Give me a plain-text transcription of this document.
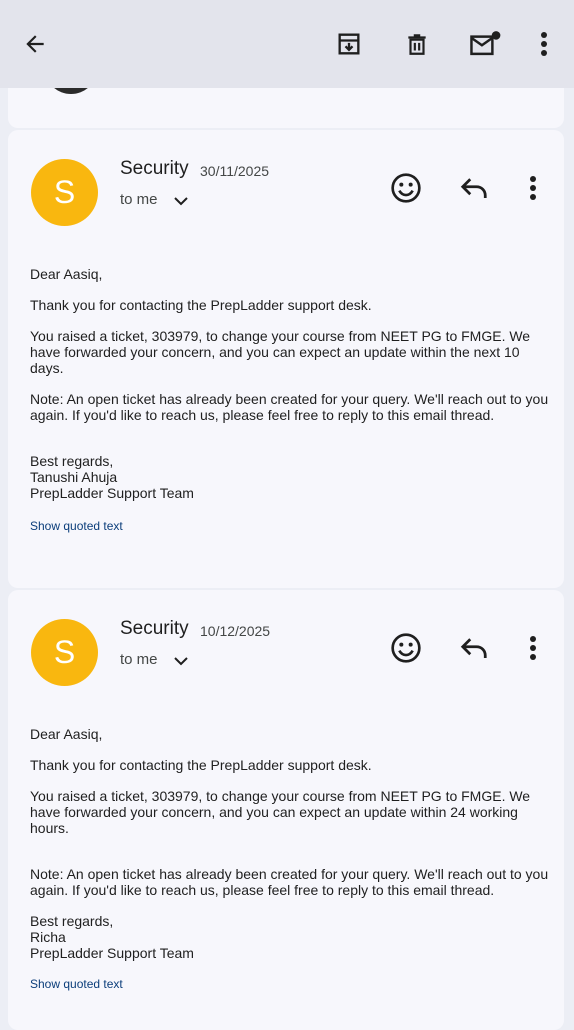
S
Security 30/11/2025
to me

Dear Aasiq,

Thank you for contacting the PrepLadder support desk.

You raised a ticket, 303979, to change your course from NEET PG to FMGE. We have forwarded your concern, and you can expect an update within the next 10 days.

Note: An open ticket has already been created for your query. We'll reach out to you again. If you'd like to reach us, please feel free to reply to this email thread.

Best regards,
Tanushi Ahuja
PrepLadder Support Team
Show quoted text
S
Security 10/12/2025
to me

Dear Aasiq,

Thank you for contacting the PrepLadder support desk.

You raised a ticket, 303979, to change your course from NEET PG to FMGE. We have forwarded your concern, and you can expect an update within 24 working hours.

Note: An open ticket has already been created for your query. We'll reach out to you again. If you'd like to reach us, please feel free to reply to this email thread.

Best regards,
Richa
PrepLadder Support Team
Show quoted text
